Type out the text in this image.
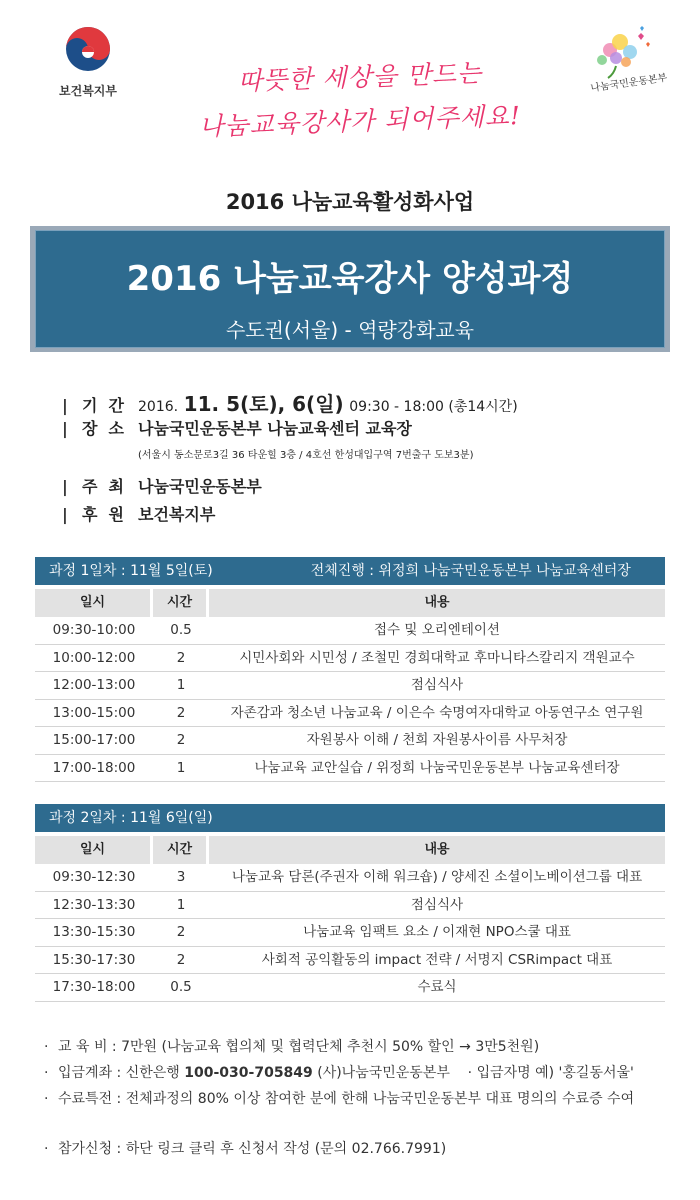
보건복지부	나눔국민운동본부
따뜻한 세상을 만드는
나눔교육강사가 되어주세요!
2016 나눔교육활성화사업
2016 나눔교육강사 양성과정
수도권(서울) - 역량강화교육
| 기 간 2016. 11. 5(토), 6(일) 09:30 - 18:00 (총14시간)
| 장 소 나눔국민운동본부 나눔교육센터 교육장
(서울시 동소문로3길 36 타운힐 3층 / 4호선 한성대입구역 7번출구 도보3분)
| 주 최 나눔국민운동본부
| 후 원 보건복지부
과정 1일차 : 11월 5일(토)	전체진행 : 위정희 나눔국민운동본부 나눔교육센터장
일시	시간	내용
09:30-10:00	0.5	접수 및 오리엔테이션
10:00-12:00	2	시민사회와 시민성 / 조철민 경희대학교 후마니타스칼리지 객원교수
12:00-13:00	1	점심식사
13:00-15:00	2	자존감과 청소년 나눔교육 / 이은수 숙명여자대학교 아동연구소 연구원
15:00-17:00	2	자원봉사 이해 / 천희 자원봉사이름 사무처장
17:00-18:00	1	나눔교육 교안실습 / 위정희 나눔국민운동본부 나눔교육센터장
과정 2일차 : 11월 6일(일)
일시	시간	내용
09:30-12:30	3	나눔교육 담론(주권자 이해 워크숍) / 양세진 소셜이노베이션그룹 대표
12:30-13:30	1	점심식사
13:30-15:30	2	나눔교육 임팩트 요소 / 이재현 NPO스쿨 대표
15:30-17:30	2	사회적 공익활동의 impact 전략 / 서명지 CSRimpact 대표
17:30-18:00	0.5	수료식
· 교 육 비 : 7만원 (나눔교육 협의체 및 협력단체 추천시 50% 할인 → 3만5천원)
· 입금계좌 : 신한은행 100-030-705849 (사)나눔국민운동본부    · 입금자명 예) '홍길동서울'
· 수료특전 : 전체과정의 80% 이상 참여한 분에 한해 나눔국민운동본부 대표 명의의 수료증 수여
· 참가신청 : 하단 링크 클릭 후 신청서 작성 (문의 02.766.7991)
